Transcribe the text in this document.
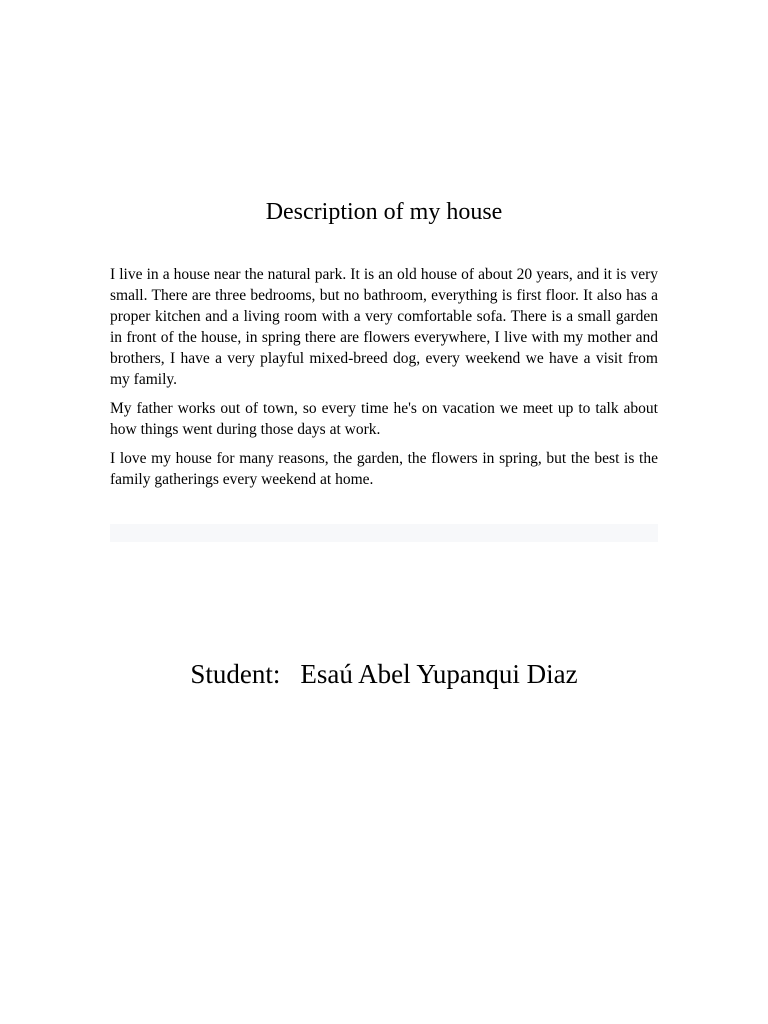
Description of my house

I live in a house near the natural park. It is an old house of about 20 years, and it is very small. There are three bedrooms, but no bathroom, everything is first floor. It also has a proper kitchen and a living room with a very comfortable sofa. There is a small garden in front of the house, in spring there are flowers everywhere, I live with my mother and brothers, I have a very playful mixed-breed dog, every weekend we have a visit from my family.

My father works out of town, so every time he's on vacation we meet up to talk about how things went during those days at work.

I love my house for many reasons, the garden, the flowers in spring, but the best is the family gatherings every weekend at home.

Student: Esaú Abel Yupanqui Diaz
